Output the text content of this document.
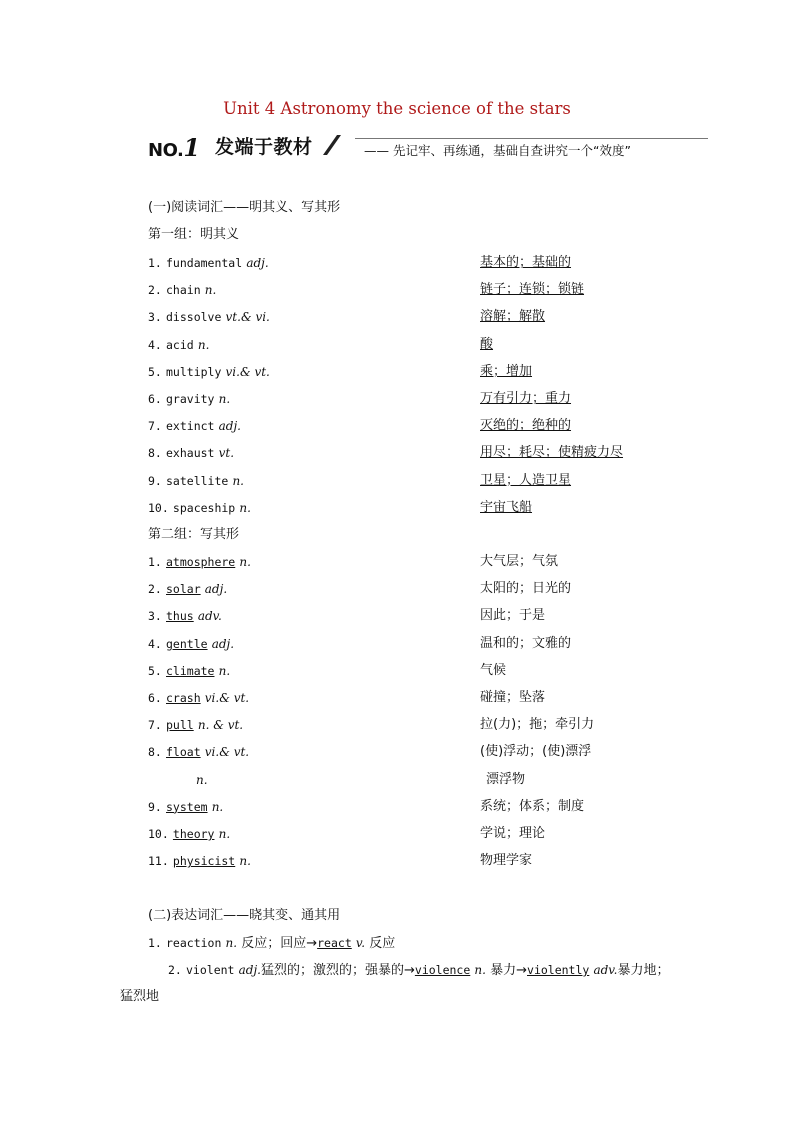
Unit 4 Astronomy the science of the stars
NO.1 发端于教材	—— 先记牢、再练通，基础自查讲究一个“效度”
(一)阅读词汇——明其义、写其形
第一组：明其义
1. fundamental adj.	基本的；基础的
2. chain n.	链子；连锁；锁链
3. dissolve vt.& vi.	溶解；解散
4. acid n.	酸
5. multiply vi.& vt.	乘；增加
6. gravity n.	万有引力；重力
7. extinct adj.	灭绝的；绝种的
8. exhaust vt.	用尽；耗尽；使精疲力尽
9. satellite n.	卫星；人造卫星
10. spaceship n.	宇宙飞船
第二组：写其形
1. atmosphere n.	大气层；气氛
2. solar adj.	太阳的；日光的
3. thus adv.	因此；于是
4. gentle adj.	温和的；文雅的
5. climate n.	气候
6. crash vi.& vt.	碰撞；坠落
7. pull n. & vt.	拉(力)；拖；牵引力
8. float vi.& vt.	(使)浮动；(使)漂浮
n.	漂浮物
9. system n.	系统；体系；制度
10. theory n.	学说；理论
11. physicist n.	物理学家
(二)表达词汇——晓其变、通其用
1. reaction n. 反应；回应→react v. 反应
2. violent adj.猛烈的；激烈的；强暴的→violence n. 暴力→violently adv.暴力地；
猛烈地
